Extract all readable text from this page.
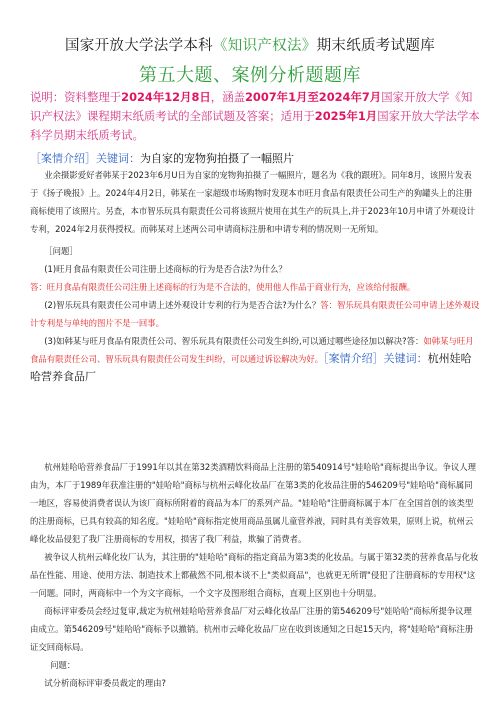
国家开放大学法学本科《知识产权法》期末纸质考试题库
第五大题、案例分析题题库
说明：资料整理于2024年12月8日，涵盖2007年1月至2024年7月国家开放大学《知识产权法》课程期末纸质考试的全部试题及答案；适用于2025年1月国家开放大学法学本科学员期末纸质考试。
［案情介绍］关键词：为自家的宠物狗拍摄了一幅照片

业余摄影爱好者韩某于2023年6月U日为自家的宠物狗拍摄了一幅照片，题名为《我的跟班》。同年8月，该照片发表于《扬子晚报》上。2024年4月2日，韩某在一家超级市场购物时发现本市旺月食品有限责任公司生产的狗罐头上的注册商标使用了该照片。另查，本市智乐玩具有限责任公司将该照片使用在其生产的玩具上,并于2023年10月申请了外观设计专利，2024年2月获得授权。而韩某对上述两公司申请商标注册和申请专利的情况则一无所知。

［问题］

(1)旺月食品有限责任公司注册上述商标的行为是否合法?为什么？

答：旺月食品有限责任公司注册上述商标的行为是不合法的，使用他人作品于商业行为，应该给付报酬。

(2)智乐玩具有限责任公司申请上述外观设计专利的行为是否合法?为什么？答：智乐玩具有限责任公司申请上述外观设计专利是与单纯的图片不是一回事。

(3)如韩某与旺月食品有限责任公司、智乐玩具有限责任公司发生纠纷,可以通过哪些途径加以解决?答：如韩某与旺月食品有限责任公司、智乐玩具有限责任公司发生纠纷，可以通过诉讼解决为好。［案情介绍］关键词：杭州娃哈哈营养食品厂

杭州娃哈哈营养食品厂于1991年以其在第32类酒精饮料商品上注册的第540914号"娃哈哈"商标提出争议。争议人理由为，本厂于1989年获准注册的"娃哈哈"商标与杭州云峰化妆品厂在第3类的化妆品注册的546209号"娃哈哈"商标属同一地区，容易使消费者误认为该厂商标所附着的商品为本厂的系列产品。"娃哈哈"注册商标属于本厂在全国首创的该类型的注册商标，已具有较高的知名度。"娃哈哈"商标指定使用商品虽属儿童营养液，同时具有美容效果，原则上说，杭州云峰化妆品侵犯了我厂注册商标的专用权，损害了我厂利益，欺骗了消费者。

被争议人杭州云峰化妆厂认为，其注册的"娃哈哈"商标的指定商品为第3类的化妆品。与属于第32类的营养食品与化妆品在性能、用途、使用方法、制造技术上都截然不同,根本谈不上"类似商品"，也就更无所谓"侵犯了注册商标的专用权"这一问题。同时，两商标中一个为文字商标，一个文字及图形组合商标，直观上区别也十分明显。

商标评审委员会经过复审,裁定为杭州娃哈哈营养食品厂对云峰化妆品厂注册的第546209号"娃哈哈"商标所提争议理由成立。第546209号"娃哈哈"商标予以撤销。杭州市云峰化妆品厂应在收到该通知之日起15天内，将"娃哈哈"商标注册证交回商标局。

问题：

试分析商标评审委员裁定的理由?
